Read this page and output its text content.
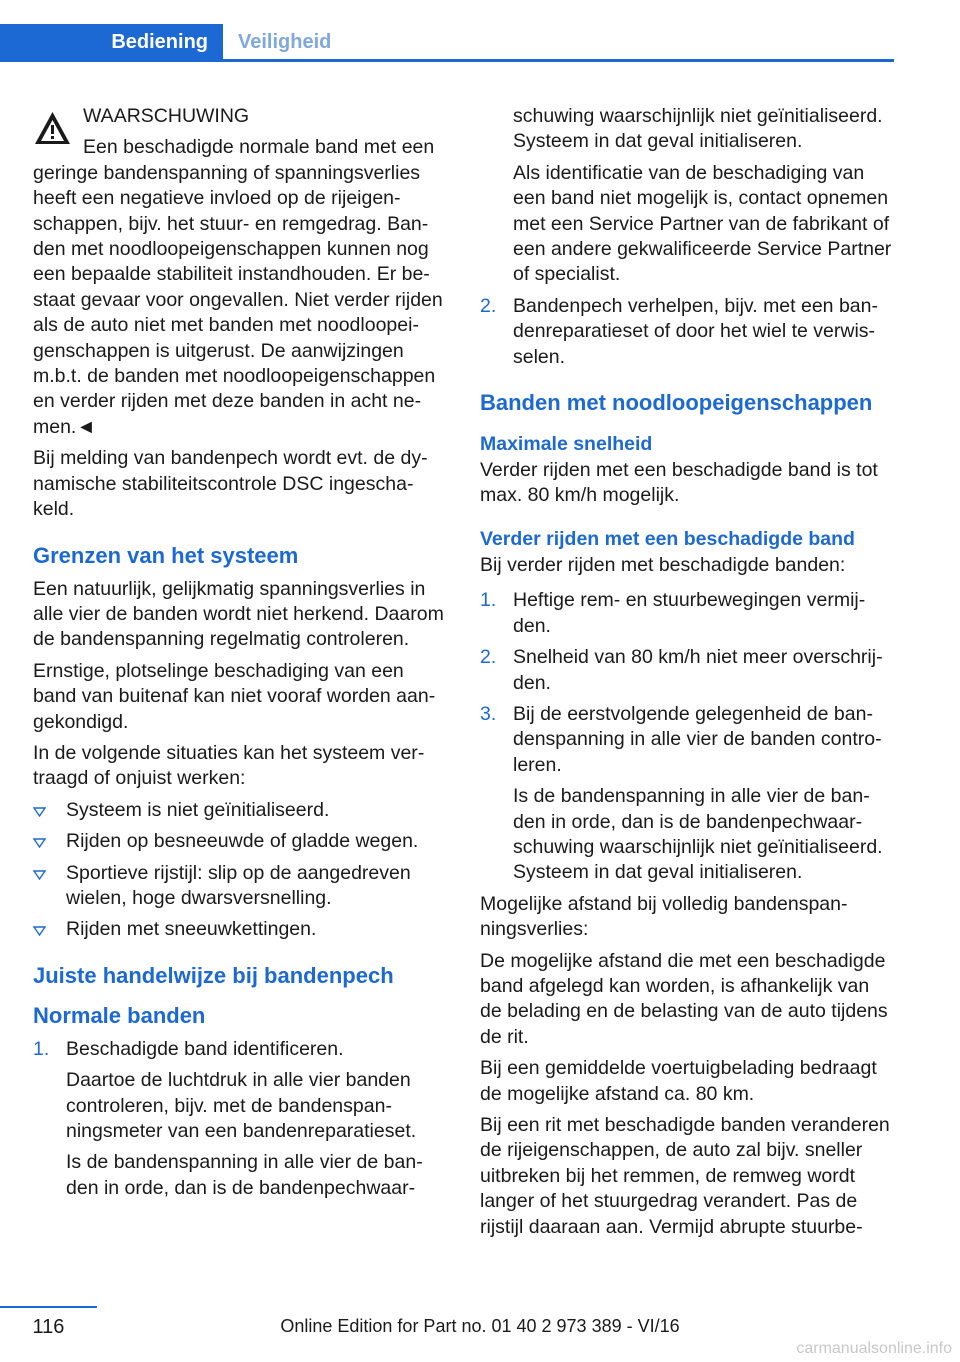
Bediening Veiligheid

WAARSCHUWING

Een beschadigde normale band met een
geringe bandenspanning of spanningsverlies heeft een negatieve invloed op de rijeigenschappen, bijv. het stuur- en remgedrag. Banden met noodloopeigenschappen kunnen nog een bepaalde stabiliteit instandhouden. Er bestaat gevaar voor ongevallen. Niet verder rijden als de auto niet met banden met noodloopeigenschappen is uitgerust. De aanwijzingen m.b.t. de banden met noodloopeigenschappen en verder rijden met deze banden in acht nemen.◄

Bij melding van bandenpech wordt evt. de dynamische stabiliteitscontrole DSC ingeschakeld.

Grenzen van het systeem

Een natuurlijk, gelijkmatig spanningsverlies in alle vier de banden wordt niet herkend. Daarom de bandenspanning regelmatig controleren.

Ernstige, plotselinge beschadiging van een band van buitenaf kan niet vooraf worden aangekondigd.

In de volgende situaties kan het systeem vertraagd of onjuist werken:

Systeem is niet geïnitialiseerd.
Rijden op besneeuwde of gladde wegen.
Sportieve rijstijl: slip op de aangedreven wielen, hoge dwarsversnelling.
Rijden met sneeuwkettingen.
Juiste handelwijze bij bandenpech
Normale banden
1. Beschadigde band identificeren.

Daartoe de luchtdruk in alle vier banden controleren, bijv. met de bandenspanningsmeter van een bandenreparatieset.

Is de bandenspanning in alle vier de banden in orde, dan is de bandenpechwaar-

schuwing waarschijnlijk niet geïnitialiseerd. Systeem in dat geval initialiseren.

Als identificatie van de beschadiging van een band niet mogelijk is, contact opnemen met een Service Partner van de fabrikant of een andere gekwalificeerde Service Partner of specialist.

2. Bandenpech verhelpen, bijv. met een bandenreparatieset of door het wiel te verwisselen.
Banden met noodloopeigenschappen
Maximale snelheid

Verder rijden met een beschadigde band is tot max. 80 km/h mogelijk.

Verder rijden met een beschadigde band

Bij verder rijden met beschadigde banden:

1. Heftige rem- en stuurbewegingen vermijden.
2. Snelheid van 80 km/h niet meer overschrijden.
3. Bij de eerstvolgende gelegenheid de bandenspanning in alle vier de banden controleren.

Is de bandenspanning in alle vier de banden in orde, dan is de bandenpechwaarschuwing waarschijnlijk niet geïnitialiseerd. Systeem in dat geval initialiseren.

Mogelijke afstand bij volledig bandenspanningsverlies:

De mogelijke afstand die met een beschadigde band afgelegd kan worden, is afhankelijk van de belading en de belasting van de auto tijdens de rit.

Bij een gemiddelde voertuigbelading bedraagt de mogelijke afstand ca. 80 km.

Bij een rit met beschadigde banden veranderen de rijeigenschappen, de auto zal bijv. sneller uitbreken bij het remmen, de remweg wordt langer of het stuurgedrag verandert. Pas de rijstijl daaraan aan. Vermijd abrupte stuurbe-

116	Online Edition for Part no. 01 40 2 973 389 - VI/16
carmanualsonline.info
